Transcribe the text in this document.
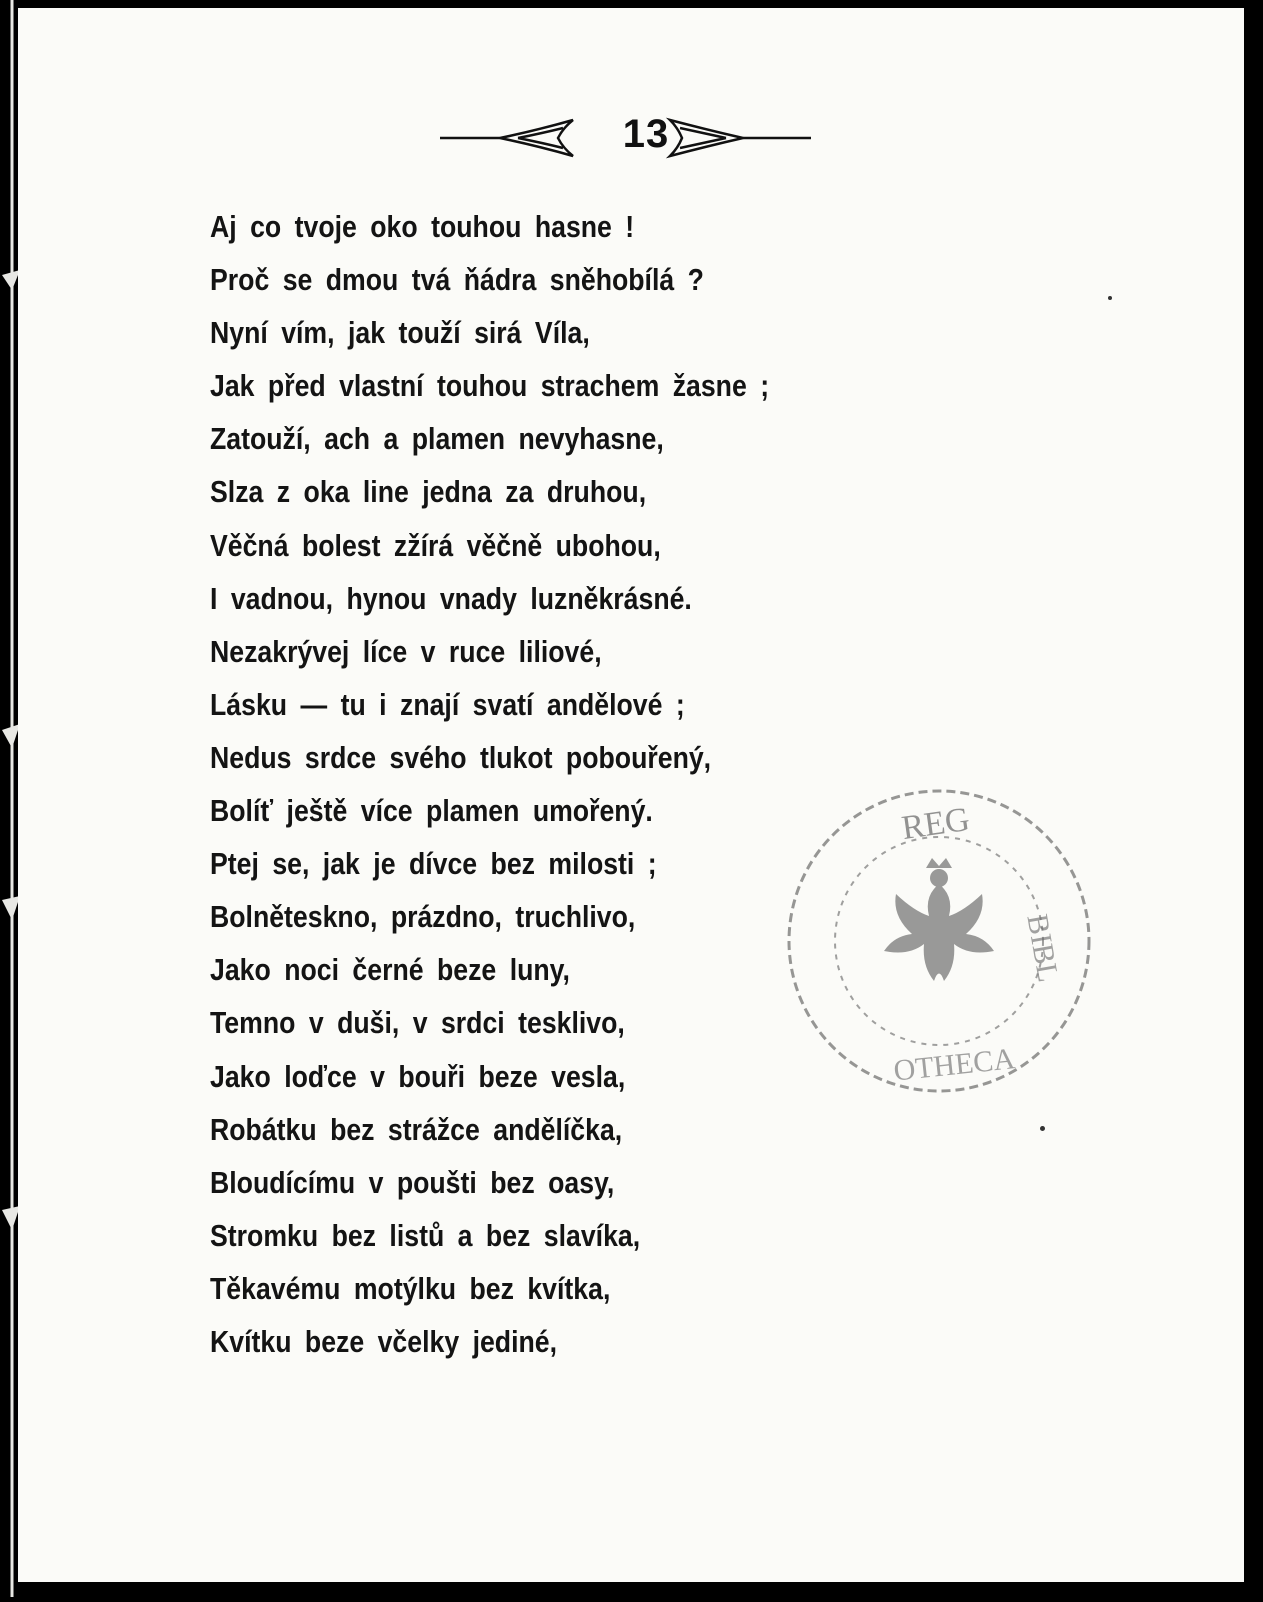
13
Aj co tvoje oko touhou hasne !
Proč se dmou tvá ňádra sněhobílá ?
Nyní vím, jak touží sirá Víla,
Jak před vlastní touhou strachem žasne ;
Zatouží, ach a plamen nevyhasne,
Slza z oka line jedna za druhou,
Věčná bolest zžírá věčně ubohou,
I vadnou, hynou vnady luzněkrásné.
Nezakrývej líce v ruce liliové,
Lásku — tu i znají svatí andělové ;
Nedus srdce svého tlukot pobouřený,
Bolíť ještě více plamen umořený.
Ptej se, jak je dívce bez milosti ;
Bolněteskno, prázdno, truchlivo,
Jako noci černé beze luny,
Temno v duši, v srdci tesklivo,
Jako loďce v bouři beze vesla,
Robátku bez strážce andělíčka,
Bloudícímu v poušti bez oasy,
Stromku bez listů a bez slavíka,
Těkavému motýlku bez kvítka,
Kvítku beze včelky jediné,

REG
BIBL
OTHECA
